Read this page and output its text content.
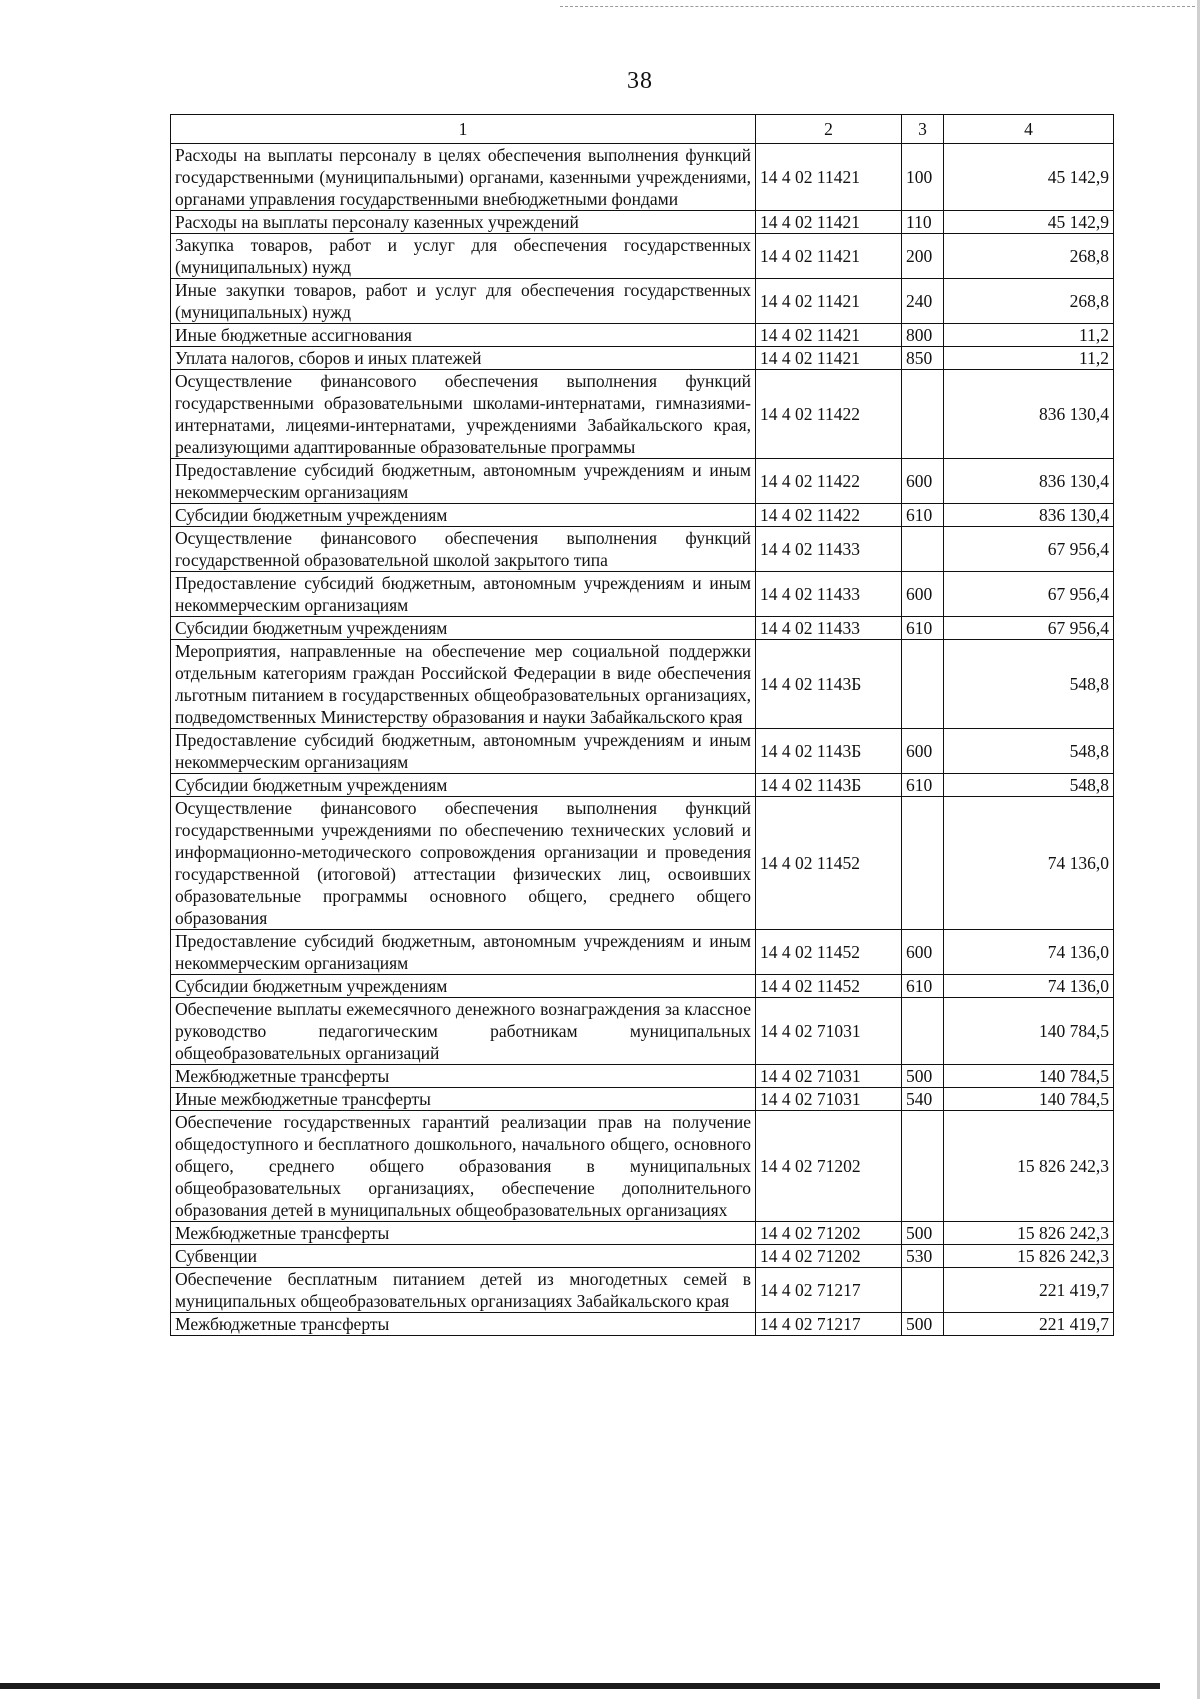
38
1	2	3	4
Расходы на выплаты персоналу в целях обеспечения выполнения функций государственными (муниципальными) органами, казенными учреждениями, органами управления государственными внебюджетными фондами	14 4 02 11421	100	45 142,9
Расходы на выплаты персоналу казенных учреждений	14 4 02 11421	110	45 142,9
Закупка товаров, работ и услуг для обеспечения государственных (муниципальных) нужд	14 4 02 11421	200	268,8
Иные закупки товаров, работ и услуг для обеспечения государственных (муниципальных) нужд	14 4 02 11421	240	268,8
Иные бюджетные ассигнования	14 4 02 11421	800	11,2
Уплата налогов, сборов и иных платежей	14 4 02 11421	850	11,2
Осуществление финансового обеспечения выполнения функций государственными образовательными школами-интернатами, гимназиями-интернатами, лицеями-интернатами, учреждениями Забайкальского края, реализующими адаптированные образовательные программы	14 4 02 11422		836 130,4
Предоставление субсидий бюджетным, автономным учреждениям и иным некоммерческим организациям	14 4 02 11422	600	836 130,4
Субсидии бюджетным учреждениям	14 4 02 11422	610	836 130,4
Осуществление финансового обеспечения выполнения функций государственной образовательной школой закрытого типа	14 4 02 11433		67 956,4
Предоставление субсидий бюджетным, автономным учреждениям и иным некоммерческим организациям	14 4 02 11433	600	67 956,4
Субсидии бюджетным учреждениям	14 4 02 11433	610	67 956,4
Мероприятия, направленные на обеспечение мер социальной поддержки отдельным категориям граждан Российской Федерации в виде обеспечения льготным питанием в государственных общеобразовательных организациях, подведомственных Министерству образования и науки Забайкальского края	14 4 02 1143Б		548,8
Предоставление субсидий бюджетным, автономным учреждениям и иным некоммерческим организациям	14 4 02 1143Б	600	548,8
Субсидии бюджетным учреждениям	14 4 02 1143Б	610	548,8
Осуществление финансового обеспечения выполнения функций государственными учреждениями по обеспечению технических условий и информационно-методического сопровождения организации и проведения государственной (итоговой) аттестации физических лиц, освоивших образовательные программы основного общего, среднего общего образования	14 4 02 11452		74 136,0
Предоставление субсидий бюджетным, автономным учреждениям и иным некоммерческим организациям	14 4 02 11452	600	74 136,0
Субсидии бюджетным учреждениям	14 4 02 11452	610	74 136,0
Обеспечение выплаты ежемесячного денежного вознаграждения за классное руководство педагогическим работникам муниципальных общеобразовательных организаций	14 4 02 71031		140 784,5
Межбюджетные трансферты	14 4 02 71031	500	140 784,5
Иные межбюджетные трансферты	14 4 02 71031	540	140 784,5
Обеспечение государственных гарантий реализации прав на получение общедоступного и бесплатного дошкольного, начального общего, основного общего, среднего общего образования в муниципальных общеобразовательных организациях, обеспечение дополнительного образования детей в муниципальных общеобразовательных организациях	14 4 02 71202		15 826 242,3
Межбюджетные трансферты	14 4 02 71202	500	15 826 242,3
Субвенции	14 4 02 71202	530	15 826 242,3
Обеспечение бесплатным питанием детей из многодетных семей в муниципальных общеобразовательных организациях Забайкальского края	14 4 02 71217		221 419,7
Межбюджетные трансферты	14 4 02 71217	500	221 419,7
